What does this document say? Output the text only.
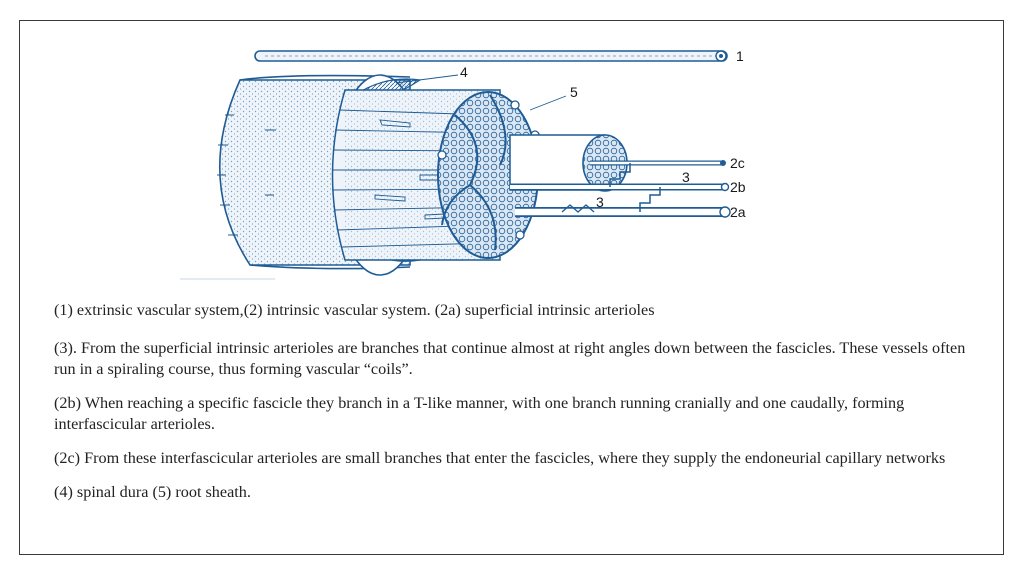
1
4
5
2c
2b
2a
3
3

(1) extrinsic vascular system,(2) intrinsic vascular system. (2a) superficial intrinsic arterioles

(3). From the superficial intrinsic arterioles are branches that continue almost at right angles down between the fascicles. These vessels often run in a spiraling course, thus forming vascular “coils”.

(2b) When reaching a specific fascicle they branch in a T-like manner, with one branch running cranially and one caudally, forming interfascicular arterioles.

(2c) From these interfascicular arterioles are small branches that enter the fascicles, where they supply the endoneurial capillary networks

(4) spinal dura (5) root sheath.
